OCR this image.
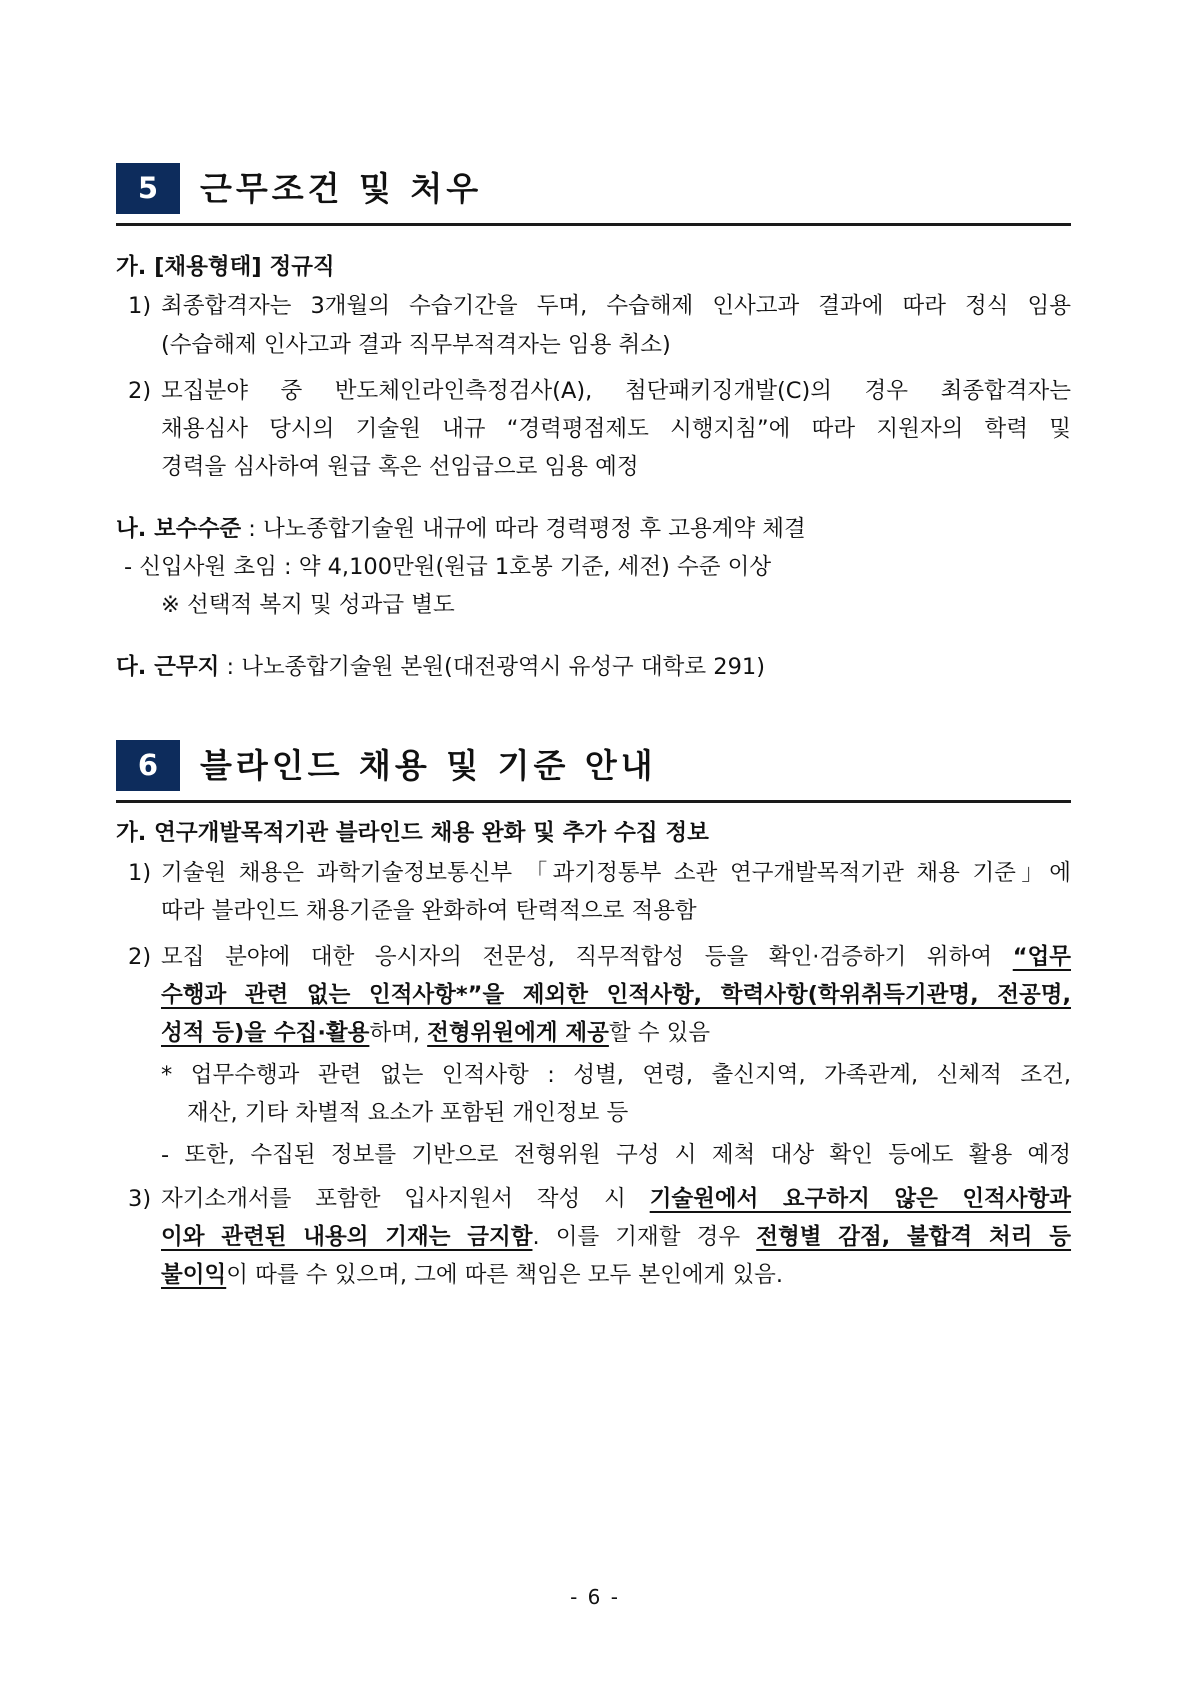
5	근무조건 및 처우
가. [채용형태] 정규직
1) 최종합격자는 3개월의 수습기간을 두며, 수습해제 인사고과 결과에 따라 정식 임용
(수습해제 인사고과 결과 직무부적격자는 임용 취소)
2) 모집분야 중 반도체인라인측정검사(A), 첨단패키징개발(C)의 경우 최종합격자는
채용심사 당시의 기술원 내규 “경력평점제도 시행지침”에 따라 지원자의 학력 및
경력을 심사하여 원급 혹은 선임급으로 임용 예정
나. 보수수준 : 나노종합기술원 내규에 따라 경력평정 후 고용계약 체결
- 신입사원 초임 : 약 4,100만원(원급 1호봉 기준, 세전) 수준 이상
※ 선택적 복지 및 성과급 별도
다. 근무지 : 나노종합기술원 본원(대전광역시 유성구 대학로 291)
6	블라인드 채용 및 기준 안내
가. 연구개발목적기관 블라인드 채용 완화 및 추가 수집 정보
1) 기술원 채용은 과학기술정보통신부 「과기정통부 소관 연구개발목적기관 채용 기준」에
따라 블라인드 채용기준을 완화하여 탄력적으로 적용함
2) 모집 분야에 대한 응시자의 전문성, 직무적합성 등을 확인·검증하기 위하여 “업무
수행과 관련 없는 인적사항*”을 제외한 인적사항, 학력사항(학위취득기관명, 전공명,
성적 등)을 수집·활용하며, 전형위원에게 제공할 수 있음
* 업무수행과 관련 없는 인적사항 : 성별, 연령, 출신지역, 가족관계, 신체적 조건,
재산, 기타 차별적 요소가 포함된 개인정보 등
- 또한, 수집된 정보를 기반으로 전형위원 구성 시 제척 대상 확인 등에도 활용 예정
3) 자기소개서를 포함한 입사지원서 작성 시 기술원에서 요구하지 않은 인적사항과
이와 관련된 내용의 기재는 금지함. 이를 기재할 경우 전형별 감점, 불합격 처리 등
불이익이 따를 수 있으며, 그에 따른 책임은 모두 본인에게 있음.
- 6 -
